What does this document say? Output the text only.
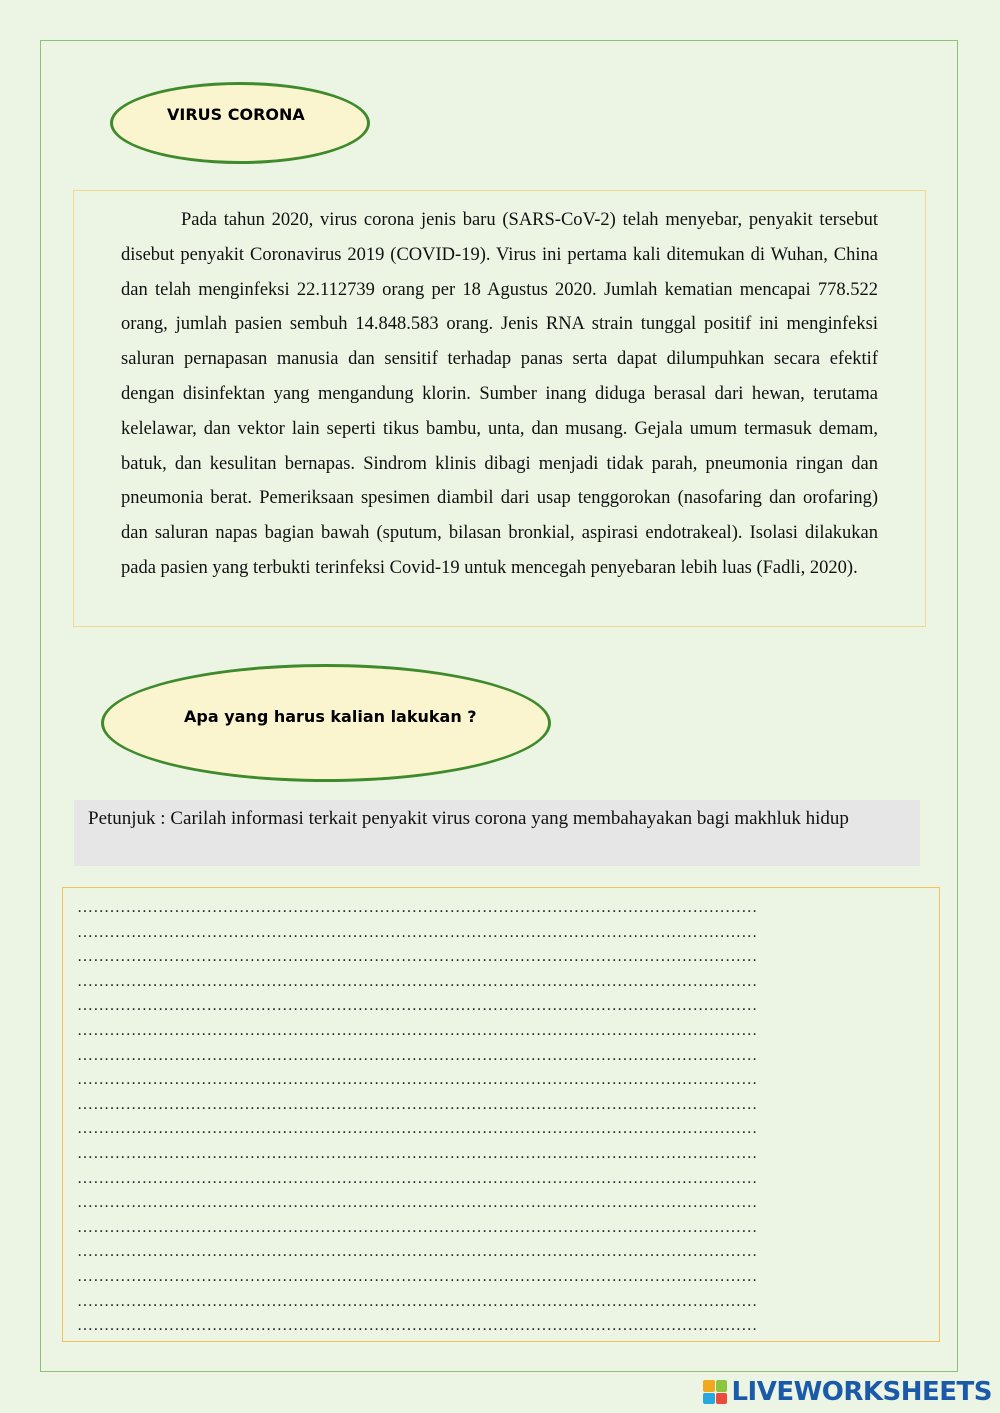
VIRUS CORONA

Pada tahun 2020, virus corona jenis baru (SARS-CoV-2) telah menyebar, penyakit tersebut disebut penyakit Coronavirus 2019 (COVID-19). Virus ini pertama kali ditemukan di Wuhan, China dan telah menginfeksi 22.112739 orang per 18 Agustus 2020. Jumlah kematian mencapai 778.522 orang, jumlah pasien sembuh 14.848.583 orang. Jenis RNA strain tunggal positif ini menginfeksi saluran pernapasan manusia dan sensitif terhadap panas serta dapat dilumpuhkan secara efektif dengan disinfektan yang mengandung klorin. Sumber inang diduga berasal dari hewan, terutama kelelawar, dan vektor lain seperti tikus bambu, unta, dan musang. Gejala umum termasuk demam, batuk, dan kesulitan bernapas. Sindrom klinis dibagi menjadi tidak parah, pneumonia ringan dan pneumonia berat. Pemeriksaan spesimen diambil dari usap tenggorokan (nasofaring dan orofaring) dan saluran napas bagian bawah (sputum, bilasan bronkial, aspirasi endotrakeal). Isolasi dilakukan pada pasien yang terbukti terinfeksi Covid-19 untuk mencegah penyebaran lebih luas (Fadli, 2020).

Apa yang harus kalian lakukan ?
Petunjuk : Carilah informasi terkait penyakit virus corona yang membahayakan bagi makhluk hidup
………………………………………………………………………………………………………………
………………………………………………………………………………………………………………
………………………………………………………………………………………………………………
………………………………………………………………………………………………………………
………………………………………………………………………………………………………………
………………………………………………………………………………………………………………
………………………………………………………………………………………………………………
………………………………………………………………………………………………………………
………………………………………………………………………………………………………………
………………………………………………………………………………………………………………
………………………………………………………………………………………………………………
………………………………………………………………………………………………………………
………………………………………………………………………………………………………………
………………………………………………………………………………………………………………
………………………………………………………………………………………………………………
………………………………………………………………………………………………………………
………………………………………………………………………………………………………………
………………………………………………………………………………………………………………
LIVEWORKSHEETS
